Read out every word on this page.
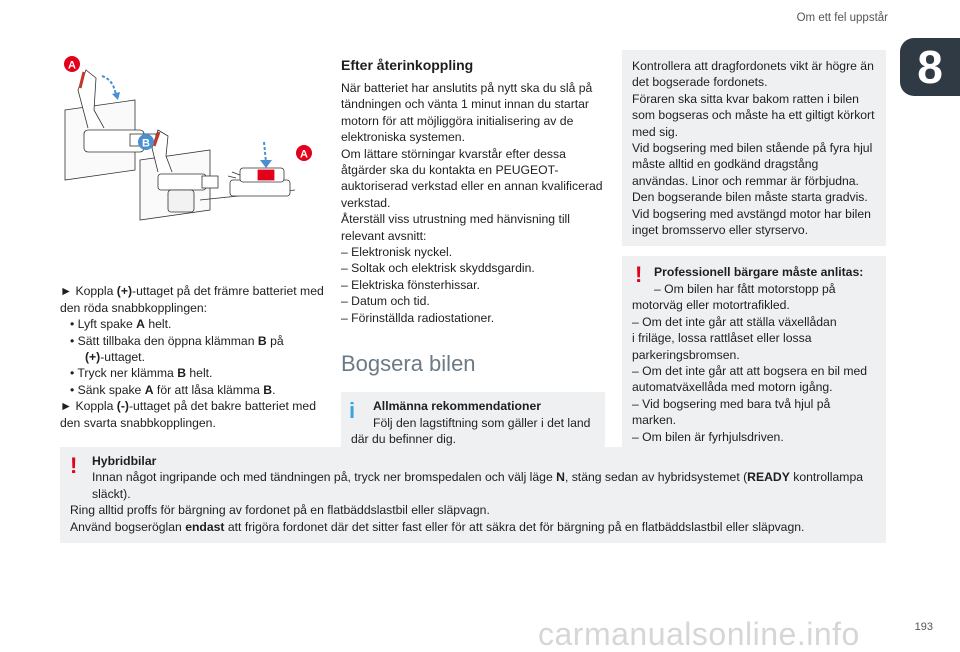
Om ett fel uppstår
8
A
B
A

► Koppla (+)-uttaget på det främre batteriet med den röda snabbkopplingen:

• Lyft spake A helt.

• Sätt tillbaka den öppna klämman B på

(+)-uttaget.

• Tryck ner klämma B helt.

• Sänk spake A för att låsa klämma B.

► Koppla (-)-uttaget på det bakre batteriet med den svarta snabbkopplingen.

Efter återinkoppling

När batteriet har anslutits på nytt ska du slå på tändningen och vänta 1 minut innan du startar motorn för att möjliggöra initialisering av de elektroniska systemen.

Om lättare störningar kvarstår efter dessa åtgärder ska du kontakta en PEUGEOT-auktoriserad verkstad eller en annan kvalificerad verkstad.

Återställ viss utrustning med hänvisning till relevant avsnitt:

– Elektronisk nyckel.

– Soltak och elektrisk skyddsgardin.

– Elektriska fönsterhissar.

– Datum och tid.

– Förinställda radiostationer.

Bogsera bilen
i	Allmänna rekommendationer
Följ den lagstiftning som gäller i det land
där du befinner dig.
Kontrollera att dragfordonets vikt är högre än det bogserade fordonets.
Föraren ska sitta kvar bakom ratten i bilen som bogseras och måste ha ett giltigt körkort med sig.
Vid bogsering med bilen stående på fyra hjul måste alltid en godkänd dragstång användas. Linor och remmar är förbjudna.
Den bogserande bilen måste starta gradvis.
Vid bogsering med avstängd motor har bilen inget bromsservo eller styrservo.
! Professionell bärgare måste anlitas:
– Om bilen har fått motorstopp på
motorväg eller motortrafikled.
– Om det inte går att ställa växellådan
i friläge, lossa rattlåset eller lossa parkeringsbromsen.
– Om det inte går att att bogsera en bil med automatväxellåda med motorn igång.
– Vid bogsering med bara två hjul på marken.
– Om bilen är fyrhjulsdriven.
!	Hybridbilar

Innan något ingripande och med tändningen på, tryck ner bromspedalen och välj läge N, stäng sedan av hybridsystemet (READY kontrollampa släckt).

Ring alltid proffs för bärgning av fordonet på en flatbäddslastbil eller släpvagn.

Använd bogseröglan endast att frigöra fordonet där det sitter fast eller för att säkra det för bärgning på en flatbäddslastbil eller släpvagn.

carmanualsonline.info	193
